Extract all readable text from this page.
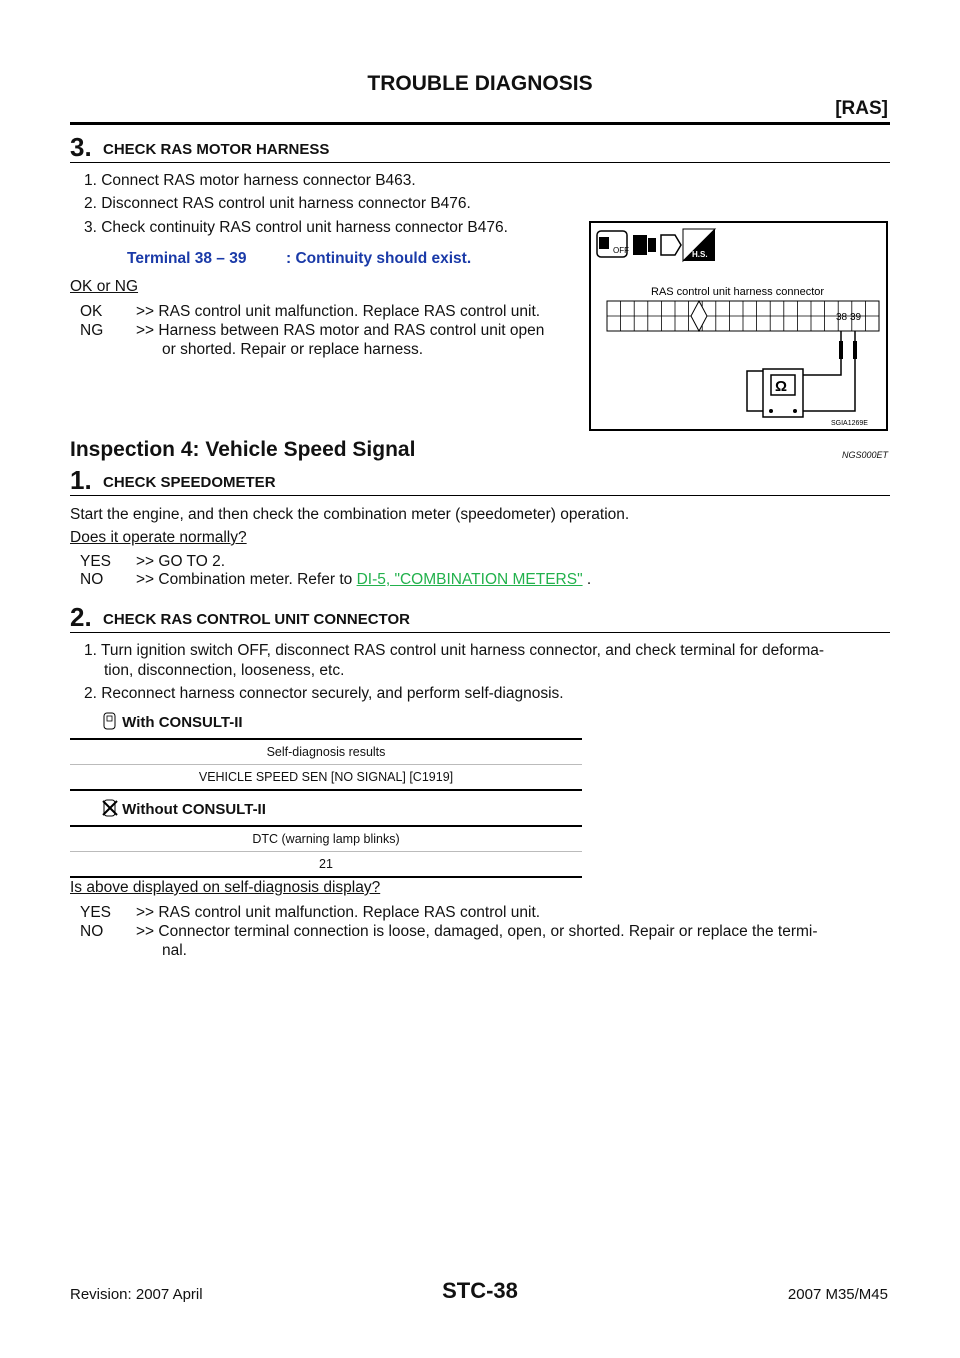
TROUBLE DIAGNOSIS
[RAS]
3. CHECK RAS MOTOR HARNESS
1. Connect RAS motor harness connector B463.
2. Disconnect RAS control unit harness connector B476.
3. Check continuity RAS control unit harness connector B476.
Terminal 38 – 39	: Continuity should exist.
OK or NG
OK >> RAS control unit malfunction. Replace RAS control unit.
NG >> Harness between RAS motor and RAS control unit open
or shorted. Repair or replace harness.
OFF	H.S.
RAS control unit harness connector
38 39
Ω
SGIA1269E
Inspection 4: Vehicle Speed Signal	NGS000ET
1. CHECK SPEEDOMETER
Start the engine, and then check the combination meter (speedometer) operation.
Does it operate normally?
YES >> GO TO 2.
NO >> Combination meter. Refer to DI-5, "COMBINATION METERS" .
2. CHECK RAS CONTROL UNIT CONNECTOR
1. Turn ignition switch OFF, disconnect RAS control unit harness connector, and check terminal for deforma-
tion, disconnection, looseness, etc.
2. Reconnect harness connector securely, and perform self-diagnosis.
With CONSULT-II
Self-diagnosis results
VEHICLE SPEED SEN [NO SIGNAL] [C1919]
Without CONSULT-II
DTC (warning lamp blinks)
21
Is above displayed on self-diagnosis display?
YES >> RAS control unit malfunction. Replace RAS control unit.
NO >> Connector terminal connection is loose, damaged, open, or shorted. Repair or replace the termi-
nal.
Revision: 2007 April	STC-38	2007 M35/M45
